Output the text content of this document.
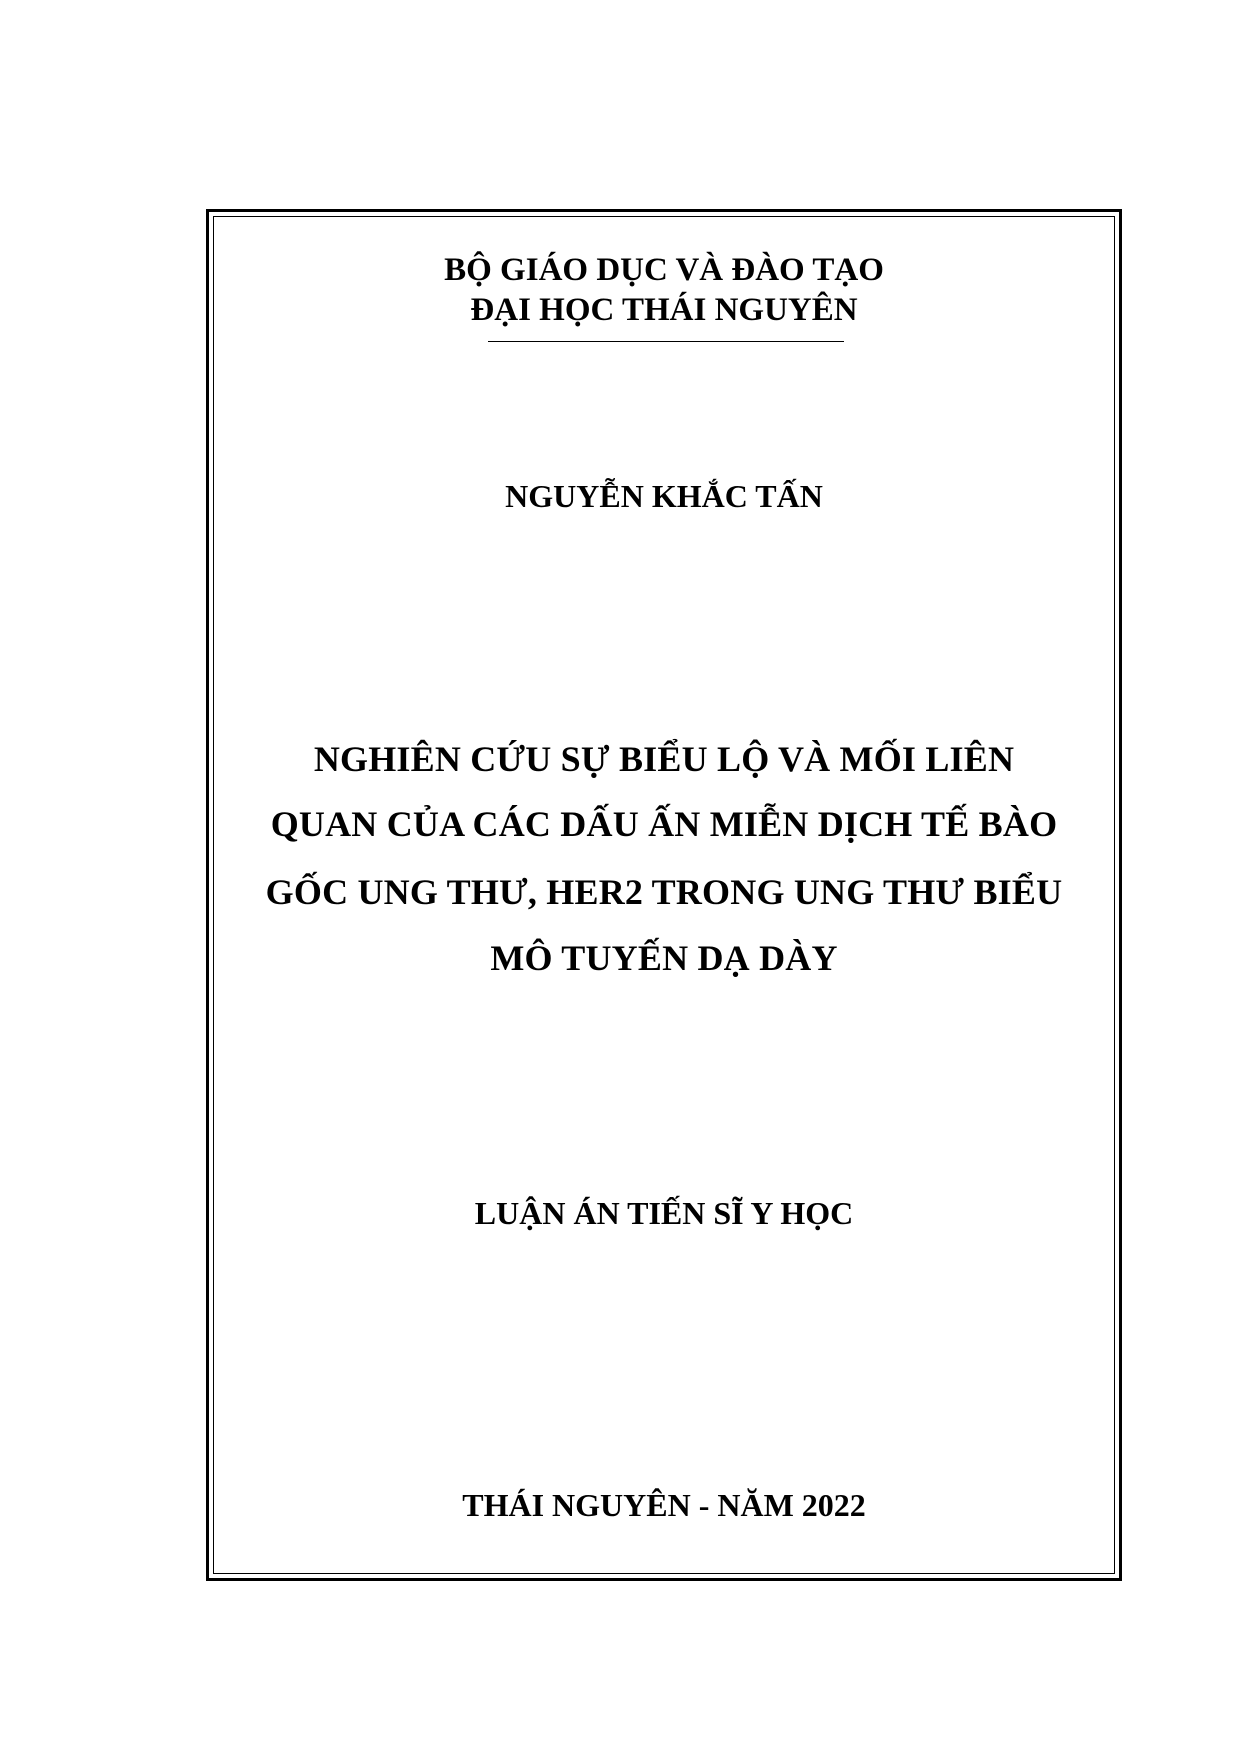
BỘ GIÁO DỤC VÀ ĐÀO TẠO
ĐẠI HỌC THÁI NGUYÊN
NGUYỄN KHẮC TẤN
NGHIÊN CỨU SỰ BIỂU LỘ VÀ MỐI LIÊN
QUAN CỦA CÁC DẤU ẤN MIỄN DỊCH TẾ BÀO
GỐC UNG THƯ, HER2 TRONG UNG THƯ BIỂU
MÔ TUYẾN DẠ DÀY
LUẬN ÁN TIẾN SĨ Y HỌC
THÁI NGUYÊN - NĂM 2022
